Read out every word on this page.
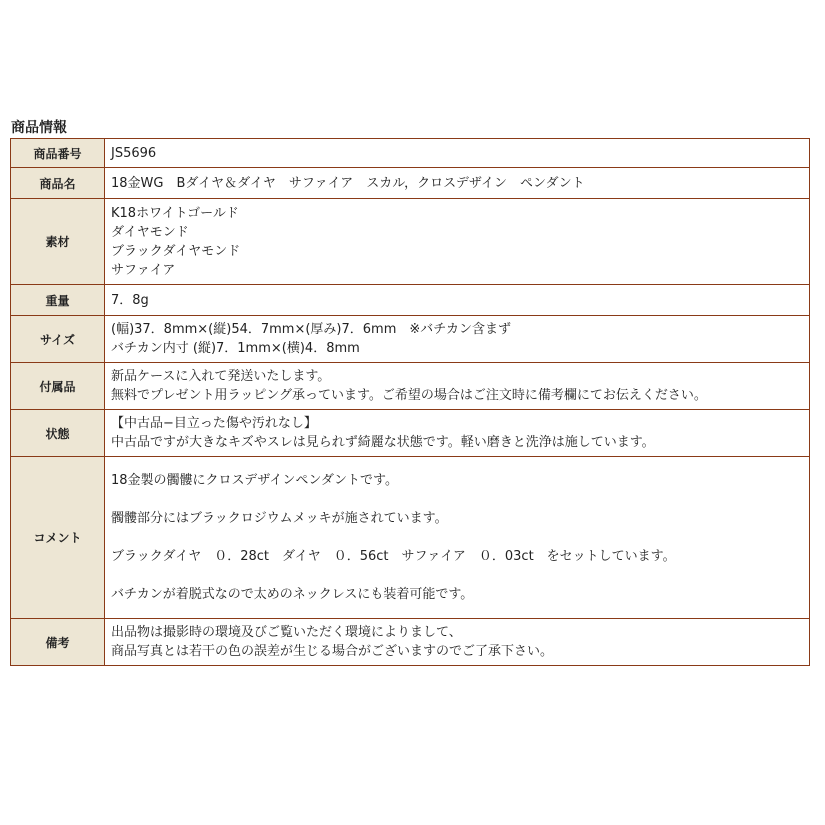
商品情報
商品番号	JS5696

商品名	18金WG　Bダイヤ＆ダイヤ　サファイア　スカル，クロスデザイン　ペンダント

素材	K18ホワイトゴールド
ダイヤモンド
ブラックダイヤモンド
サファイア

重量	7．8g

サイズ	(幅)37．8mm×(縦)54．7mm×(厚み)7．6mm　※バチカン含まず
バチカン内寸 (縦)7．1mm×(横)4．8mm

付属品	新品ケースに入れて発送いたします。
無料でプレゼント用ラッピング承っています。ご希望の場合はご注文時に備考欄にてお伝えください。

状態	【中古品−目立った傷や汚れなし】
中古品ですが大きなキズやスレは見られず綺麗な状態です。軽い磨きと洗浄は施しています。

コメント	18金製の髑髏にクロスデザインペンダントです。
髑髏部分にはブラックロジウムメッキが施されています。
ブラックダイヤ　０．28ct　ダイヤ　０．56ct　サファイア　０．03ct　をセットしています。
バチカンが着脱式なので太めのネックレスにも装着可能です。

備考	出品物は撮影時の環境及びご覧いただく環境によりまして、
商品写真とは若干の色の誤差が生じる場合がございますのでご了承下さい。
